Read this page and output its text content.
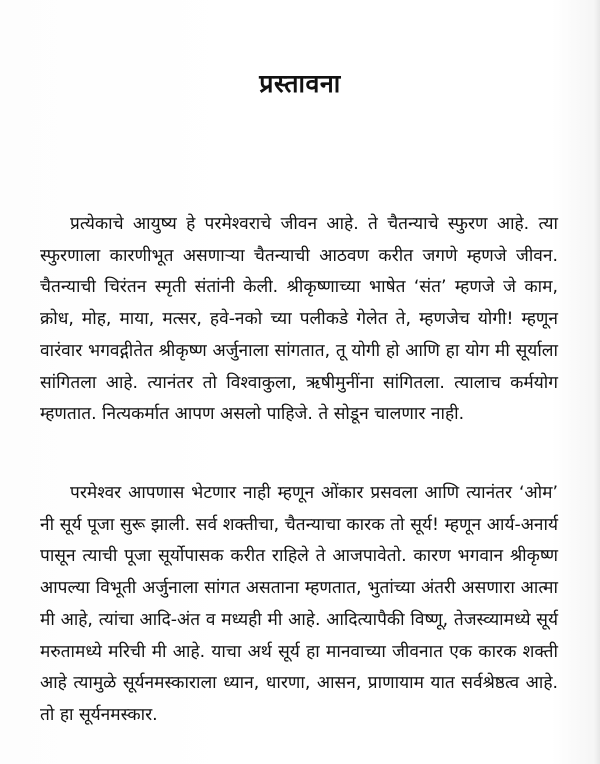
प्रस्तावना

प्रत्येकाचे आयुष्य हे परमेश्वराचे जीवन आहे. ते चैतन्याचे स्फुरण आहे. त्या स्फुरणाला कारणीभूत असणाऱ्या चैतन्याची आठवण करीत जगणे म्हणजे जीवन. चैतन्याची चिरंतन स्मृती संतांनी केली. श्रीकृष्णाच्या भाषेत ‘संत’ म्हणजे जे काम, क्रोध, मोह, माया, मत्सर, हवे-नको च्या पलीकडे गेलेत ते, म्हणजेच योगी! म्हणून वारंवार भगवद्गीतेत श्रीकृष्ण अर्जुनाला सांगतात, तू योगी हो आणि हा योग मी सूर्याला सांगितला आहे. त्यानंतर तो विश्वाकुला, ऋषीमुनींना सांगितला. त्यालाच कर्मयोग म्हणतात. नित्यकर्मात आपण असलो पाहिजे. ते सोडून चालणार नाही.

परमेश्वर आपणास भेटणार नाही म्हणून ओंकार प्रसवला आणि त्यानंतर ‘ओम’ नी सूर्य पूजा सुरू झाली. सर्व शक्तीचा, चैतन्याचा कारक तो सूर्य! म्हणून आर्य-अनार्य पासून त्याची पूजा सूर्योपासक करीत राहिले ते आजपावेतो. कारण भगवान श्रीकृष्ण आपल्या विभूती अर्जुनाला सांगत असताना म्हणतात, भुतांच्या अंतरी असणारा आत्मा मी आहे, त्यांचा आदि-अंत व मध्यही मी आहे. आदित्यापैकी विष्णू, तेजस्व्यामध्ये सूर्य मरुतामध्ये मरिची मी आहे. याचा अर्थ सूर्य हा मानवाच्या जीवनात एक कारक शक्ती आहे त्यामुळे सूर्यनमस्काराला ध्यान, धारणा, आसन, प्राणायाम यात सर्वश्रेष्ठत्व आहे. तो हा सूर्यनमस्कार.
